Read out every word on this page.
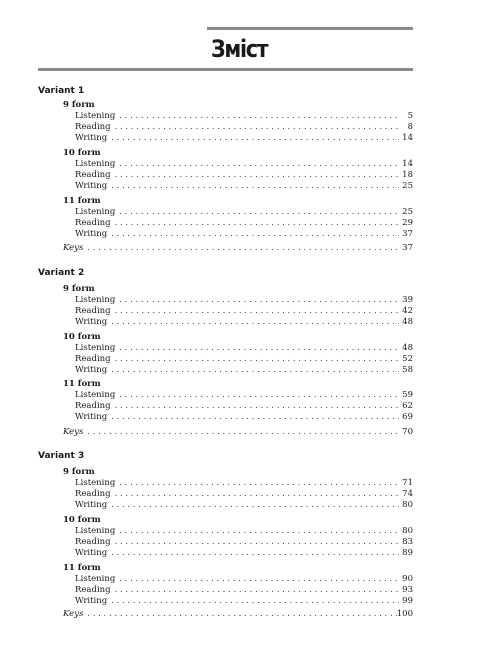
Зміст
Variant 1
9 form
Listening . . .	5
Reading . . .	8
Writing . . .	14
10 form
Listening . . .	14
Reading . . .	18
Writing . . .	25
11 form
Listening . . .	25
Reading . . .	29
Writing . . .	37
Keys . . .	37
Variant 2
9 form
Listening . . .	39
Reading . . .	42
Writing . . .	48
10 form
Listening . . .	48
Reading . . .	52
Writing . . .	58
11 form
Listening . . .	59
Reading . . .	62
Writing . . .	69
Keys . . .	70
Variant 3
9 form
Listening . . .	71
Reading . . .	74
Writing . . .	80
10 form
Listening . . .	80
Reading . . .	83
Writing . . .	89
11 form
Listening . . .	90
Reading . . .	93
Writing . . .	99
Keys . . .	100
